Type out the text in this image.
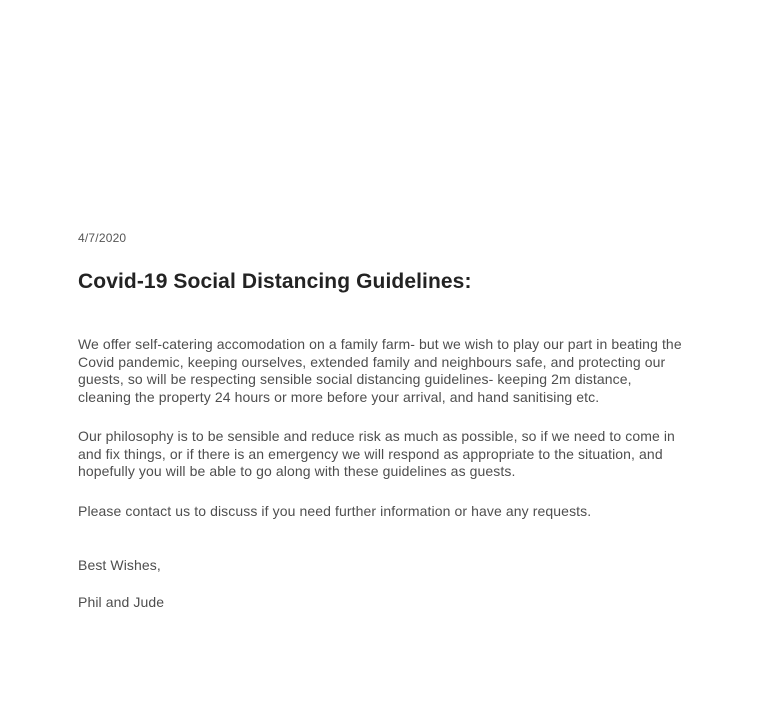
4/7/2020
Covid-19 Social Distancing Guidelines:

We offer self-catering accomodation on a family farm- but we wish to play our part in beating the Covid pandemic, keeping ourselves, extended family and neighbours safe, and protecting our guests, so will be respecting sensible social distancing guidelines- keeping 2m distance, cleaning the property 24 hours or more before your arrival, and hand sanitising etc.

Our philosophy is to be sensible and reduce risk as much as possible, so if we need to come in and fix things, or if there is an emergency we will respond as appropriate to the situation, and hopefully you will be able to go along with these guidelines as guests.

Please contact us to discuss if you need further information or have any requests.

Best Wishes,
Phil and Jude
